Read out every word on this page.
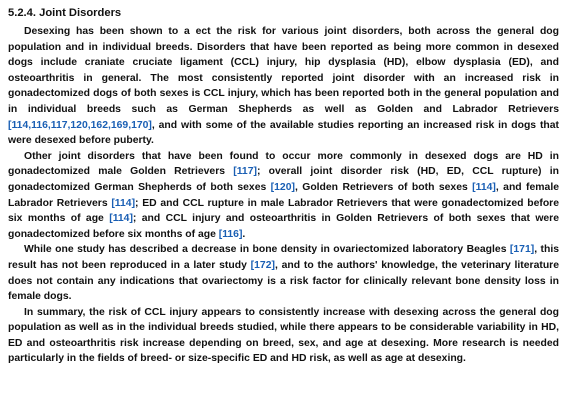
5.2.4. Joint Disorders

Desexing has been shown to a ect the risk for various joint disorders, both across the general dog population and in individual breeds. Disorders that have been reported as being more common in desexed dogs include craniate cruciate ligament (CCL) injury, hip dysplasia (HD), elbow dysplasia (ED), and osteoarthritis in general. The most consistently reported joint disorder with an increased risk in gonadectomized dogs of both sexes is CCL injury, which has been reported both in the general population and in individual breeds such as German Shepherds as well as Golden and Labrador Retrievers [114,116,117,120,162,169,170], and with some of the available studies reporting an increased risk in dogs that were desexed before puberty.

Other joint disorders that have been found to occur more commonly in desexed dogs are HD in gonadectomized male Golden Retrievers [117]; overall joint disorder risk (HD, ED, CCL rupture) in gonadectomized German Shepherds of both sexes [120], Golden Retrievers of both sexes [114], and female Labrador Retrievers [114]; ED and CCL rupture in male Labrador Retrievers that were gonadectomized before six months of age [114]; and CCL injury and osteoarthritis in Golden Retrievers of both sexes that were gonadectomized before six months of age [116].

While one study has described a decrease in bone density in ovariectomized laboratory Beagles [171], this result has not been reproduced in a later study [172], and to the authors' knowledge, the veterinary literature does not contain any indications that ovariectomy is a risk factor for clinically relevant bone density loss in female dogs.

In summary, the risk of CCL injury appears to consistently increase with desexing across the general dog population as well as in the individual breeds studied, while there appears to be considerable variability in HD, ED and osteoarthritis risk increase depending on breed, sex, and age at desexing. More research is needed particularly in the fields of breed- or size-specific ED and HD risk, as well as age at desexing.
